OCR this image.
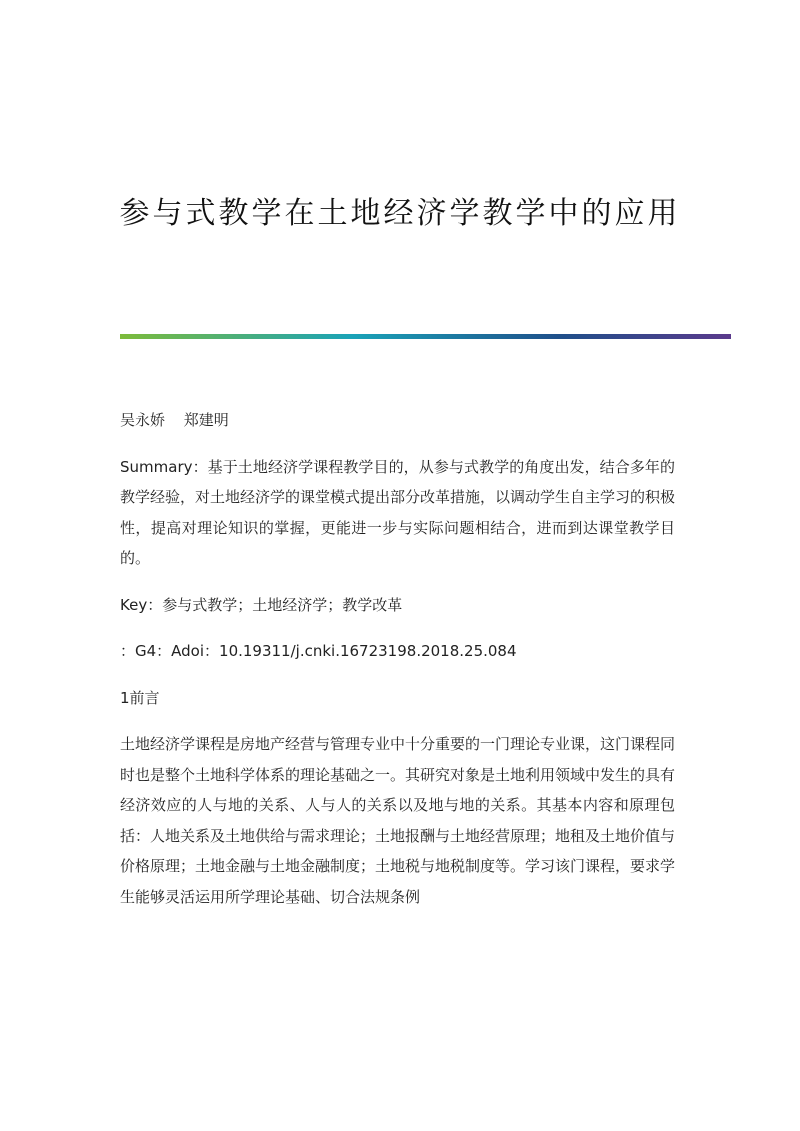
参与式教学在土地经济学教学中的应用
吴永娇 郑建明
Summary：基于土地经济学课程教学目的，从参与式教学的角度出发，结合多年的教学经验，对土地经济学的课堂模式提出部分改革措施，以调动学生自主学习的积极性，提高对理论知识的掌握，更能进一步与实际问题相结合，进而到达课堂教学目的。
Key：参与式教学；土地经济学；教学改革
：G4：Adoi：10.19311/j.cnki.16723198.2018.25.084
1前言
土地经济学课程是房地产经营与管理专业中十分重要的一门理论专业课，这门课程同时也是整个土地科学体系的理论基础之一。其研究对象是土地利用领域中发生的具有经济效应的人与地的关系、人与人的关系以及地与地的关系。其基本内容和原理包括：人地关系及土地供给与需求理论；土地报酬与土地经营原理；地租及土地价值与价格原理；土地金融与土地金融制度；土地税与地税制度等。学习该门课程，要求学生能够灵活运用所学理论基础、切合法规条例
